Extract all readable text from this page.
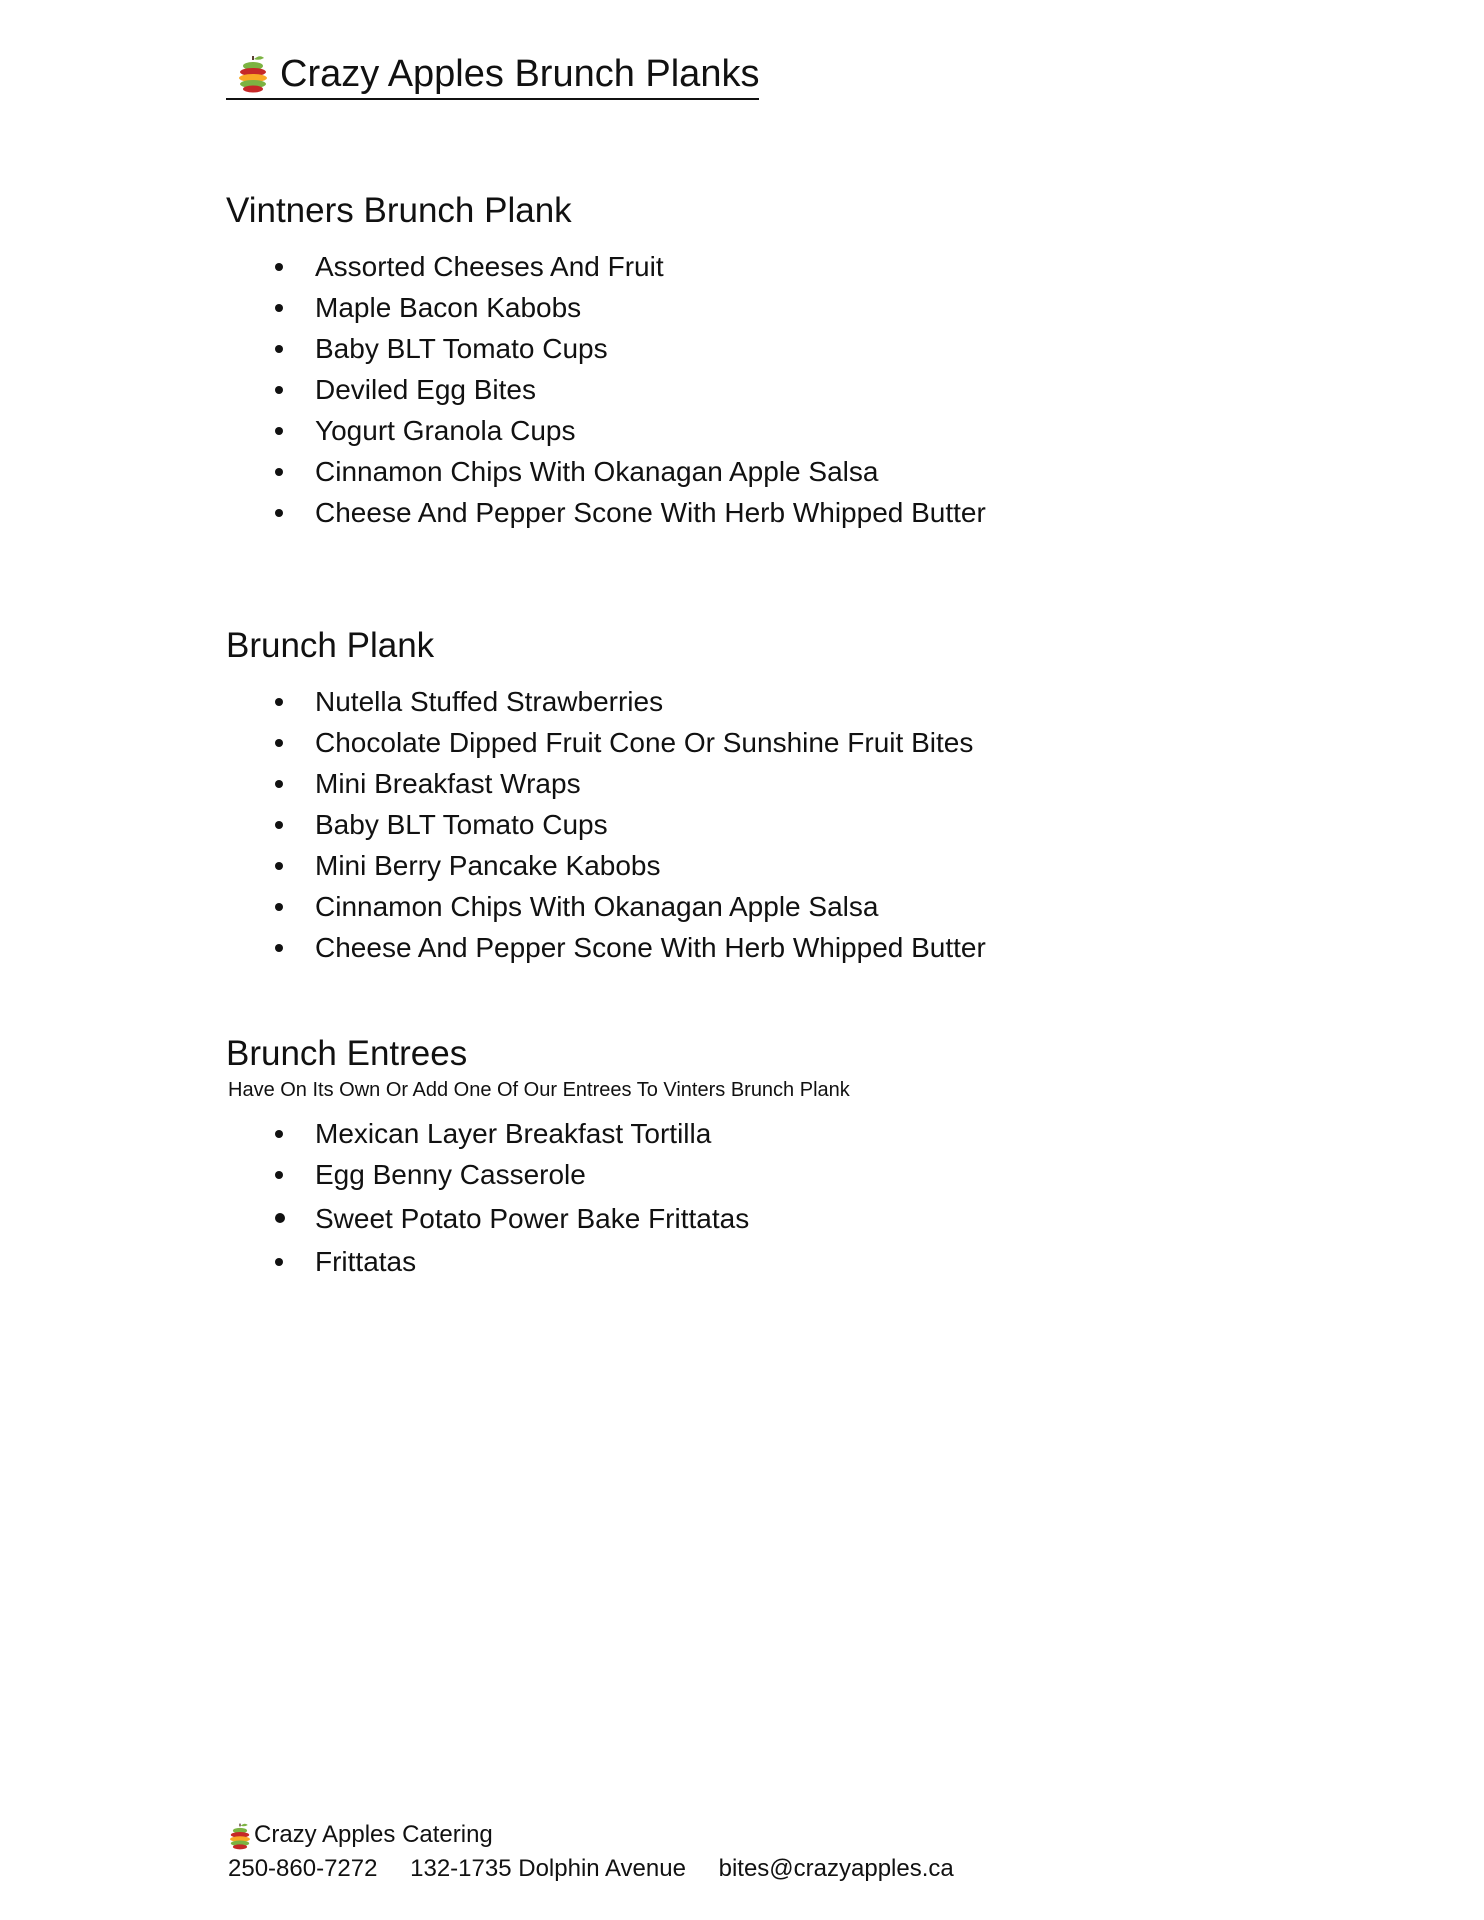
Crazy Apples Brunch Planks
Vintners Brunch Plank
Assorted Cheeses And Fruit
Maple Bacon Kabobs
Baby BLT Tomato Cups
Deviled Egg Bites
Yogurt Granola Cups
Cinnamon Chips With Okanagan Apple Salsa
Cheese And Pepper Scone With Herb Whipped Butter
Brunch Plank
Nutella Stuffed Strawberries
Chocolate Dipped Fruit Cone Or Sunshine Fruit Bites
Mini Breakfast Wraps
Baby BLT Tomato Cups
Mini Berry Pancake Kabobs
Cinnamon Chips With Okanagan Apple Salsa
Cheese And Pepper Scone With Herb Whipped Butter
Brunch Entrees
Have On Its Own Or Add One Of Our Entrees To Vinters Brunch Plank
Mexican Layer Breakfast Tortilla
Egg Benny Casserole
Sweet Potato Power Bake Frittatas
Frittatas
Crazy Apples Catering
250-860-7272 132-1735 Dolphin Avenue bites@crazyapples.ca
